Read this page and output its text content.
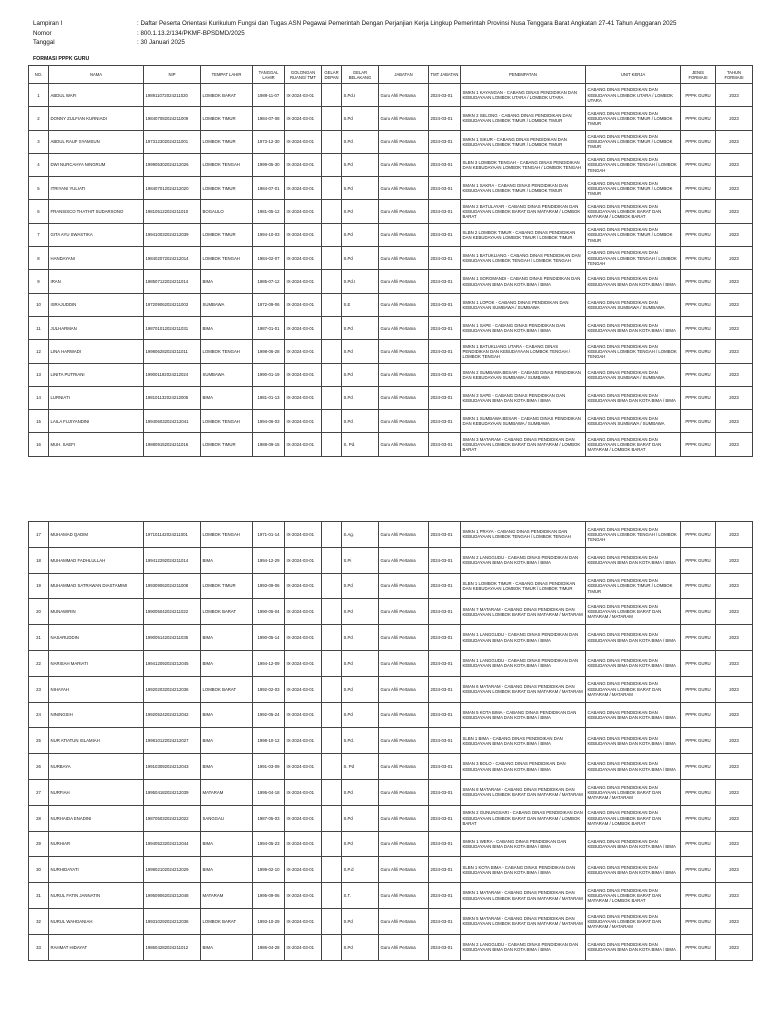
Lampiran I	: Daftar Peserta Orientasi Kurikulum Fungsi dan Tugas ASN Pegawai Pemerintah Dengan Perjanjian Kerja Lingkup Pemerintah Provinsi Nusa Tenggara Barat Angkatan 27-41 Tahun Anggaran 2025
Nomor	: 800.1.13.2/134/PKMF-BPSDMD/2025
Tanggal	: 30 Januari 2025
FORMASI PPPK GURU
NO.	NAMA	NIP	TEMPAT LAHIR	TANGGAL LAHIR	GOLONGAN RUANG/ TMT	GELAR DEPAN	GELAR BELAKANG	JABATAN	TMT JABATAN	PENEMPATAN	UNIT KERJA	JENIS FORMASI	TAHUN FORMASI
1	ABDUL WAFI	198911072024211020	LOMBOK BARAT	1989-11-07	IX-2024-03-01		S.Pd.I	Guru Ahli Pertama	2024-03-01	SMKN 1 KAYANGAN - CABANG DINAS PENDIDIKAN DAN KEBUDAYAAN LOMBOK UTARA / LOMBOK UTARA	CABANG DINAS PENDIDIKAN DAN KEBUDAYAAN LOMBOK UTARA / LOMBOK UTARA	PPPK GURU	2023
2	DONNY ZULFIAN KURNIADI	198407082024211009	LOMBOK TIMUR	1984-07-08	IX-2024-03-01		S.Pd	Guru Ahli Pertama	2024-03-01	SMKN 2 SELONG - CABANG DINAS PENDIDIKAN DAN KEBUDAYAAN LOMBOK TIMUR / LOMBOK TIMUR	CABANG DINAS PENDIDIKAN DAN KEBUDAYAAN LOMBOK TIMUR / LOMBOK TIMUR	PPPK GURU	2023
3	ABDUL RAUF SYAMSUN	197312302024211001	LOMBOK TIMUR	1973-12-30	IX-2024-03-01		S.Pd	Guru Ahli Pertama	2024-03-01	SMKN 1 SIKUR - CABANG DINAS PENDIDIKAN DAN KEBUDAYAAN LOMBOK TIMUR / LOMBOK TIMUR	CABANG DINAS PENDIDIKAN DAN KEBUDAYAAN LOMBOK TIMUR / LOMBOK TIMUR	PPPK GURU	2023
4	DWI NURCAHYA NINGRUM	199905302024212026	LOMBOK TENGAH	1999-05-30	IX-2024-03-01		S.Pd	Guru Ahli Pertama	2024-03-01	SLBN 3 LOMBOK TENGAH - CABANG DINAS PENDIDIKAN DAN KEBUDAYAAN LOMBOK TENGAH / LOMBOK TENGAH	CABANG DINAS PENDIDIKAN DAN KEBUDAYAAN LOMBOK TENGAH / LOMBOK TENGAH	PPPK GURU	2023
5	ITRIYANI YULIATI	198407012024212020	LOMBOK TIMUR	1984-07-01	IX-2024-03-01		S.Pd	Guru Ahli Pertama	2024-03-01	SMAN 1 SAKRA - CABANG DINAS PENDIDIKAN DAN KEBUDAYAAN LOMBOK TIMUR / LOMBOK TIMUR	CABANG DINAS PENDIDIKAN DAN KEBUDAYAAN LOMBOK TIMUR / LOMBOK TIMUR	PPPK GURU	2023
6	FRANSISCO THATHIT SUDARSONO	198105122024211010	BOGAULO	1981-05-12	IX-2024-03-01		S.Pd	Guru Ahli Pertama	2024-03-01	SMAN 2 BATULAYAR - CABANG DINAS PENDIDIKAN DAN KEBUDAYAAN LOMBOK BARAT DAN MATARAM / LOMBOK BARAT	CABANG DINAS PENDIDIKAN DAN KEBUDAYAAN LOMBOK BARAT DAN MATARAM / LOMBOK BARAT	PPPK GURU	2023
7	GITA AYU SWASTIKA	199410032024212039	LOMBOK TIMUR	1994-10-03	IX-2024-03-01		S.Pd	Guru Ahli Pertama	2024-03-01	SLBN 2 LOMBOK TIMUR - CABANG DINAS PENDIDIKAN DAN KEBUDAYAAN LOMBOK TIMUR / LOMBOK TIMUR	CABANG DINAS PENDIDIKAN DAN KEBUDAYAAN LOMBOK TIMUR / LOMBOK TIMUR	PPPK GURU	2023
8	HANDAYANI	198402072024212014	LOMBOK TENGAH	1984-02-07	IX-2024-03-01		S.Pd	Guru Ahli Pertama	2024-03-01	SMAN 1 BATUKLIANG - CABANG DINAS PENDIDIKAN DAN KEBUDAYAAN LOMBOK TENGAH / LOMBOK TENGAH	CABANG DINAS PENDIDIKAN DAN KEBUDAYAAN LOMBOK TENGAH / LOMBOK TENGAH	PPPK GURU	2023
9	IRAN	198507122024211014	BIMA	1985-07-12	IX-2024-03-01		S.Pd.I	Guru Ahli Pertama	2024-03-01	SMAN 1 SOROMANDI - CABANG DINAS PENDIDIKAN DAN KEBUDAYAAN BIMA DAN KOTA BIMA / BIMA	CABANG DINAS PENDIDIKAN DAN KEBUDAYAAN BIMA DAN KOTA BIMA / BIMA	PPPK GURU	2023
10	ISRAJUDDIN	197209062024211003	SUMBAWA	1972-09-06	IX-2024-03-01		S.E	Guru Ahli Pertama	2024-03-01	SMKN 1 LOPOK - CABANG DINAS PENDIDIKAN DAN KEBUDAYAAN SUMBAWA / SUMBAWA	CABANG DINAS PENDIDIKAN DAN KEBUDAYAAN SUMBAWA / SUMBAWA	PPPK GURU	2023
11	JULHARMAN	198701012024211031	BIMA	1987-01-01	IX-2024-03-01		S.Pd	Guru Ahli Pertama	2024-03-01	SMAN 1 SAPE - CABANG DINAS PENDIDIKAN DAN KEBUDAYAAN BIMA DAN KOTA BIMA / BIMA	CABANG DINAS PENDIDIKAN DAN KEBUDAYAAN BIMA DAN KOTA BIMA / BIMA	PPPK GURU	2023
12	LINA HARWADI	199806282024211011	LOMBOK TENGAH	1998-06-28	IX-2024-03-01		S.Pd	Guru Ahli Pertama	2024-03-01	SMKN 1 BATUKLIANG UTARA - CABANG DINAS PENDIDIKAN DAN KEBUDAYAAN LOMBOK TENGAH / LOMBOK TENGAH	CABANG DINAS PENDIDIKAN DAN KEBUDAYAAN LOMBOK TENGAH / LOMBOK TENGAH	PPPK GURU	2023
13	LINITA PUTRIANI	199001192024212024	SUMBAWA	1990-01-19	IX-2024-03-01		S.Pd	Guru Ahli Pertama	2024-03-01	SMAN 2 SUMBAWA BESAR - CABANG DINAS PENDIDIKAN DAN KEBUDAYAAN SUMBAWA / SUMBAWA	CABANG DINAS PENDIDIKAN DAN KEBUDAYAAN SUMBAWA / SUMBAWA	PPPK GURU	2023
14	LURNIATI	198101132024212005	BIMA	1981-01-13	IX-2024-03-01		S.Pd	Guru Ahli Pertama	2024-03-01	SMAN 3 SAPE - CABANG DINAS PENDIDIKAN DAN KEBUDAYAAN BIMA DAN KOTA BIMA / BIMA	CABANG DINAS PENDIDIKAN DAN KEBUDAYAAN BIMA DAN KOTA BIMA / BIMA	PPPK GURU	2023
15	LAILA FUJIYANDINI	199406032024212041	LOMBOK TENGAH	1994-06-03	IX-2024-03-01		S.Pd	Guru Ahli Pertama	2024-03-01	SMKN 1 SUMBAWA BESAR - CABANG DINAS PENDIDIKAN DAN KEBUDAYAAN SUMBAWA / SUMBAWA	CABANG DINAS PENDIDIKAN DAN KEBUDAYAAN SUMBAWA / SUMBAWA	PPPK GURU	2023
16	MUH. SAEFI	198809152024211016	LOMBOK TIMUR	1988-09-15	IX-2024-03-01		S. Pd.	Guru Ahli Pertama	2024-03-01	SMAN 3 MATARAM - CABANG DINAS PENDIDIKAN DAN KEBUDAYAAN LOMBOK BARAT DAN MATARAM / LOMBOK BARAT	CABANG DINAS PENDIDIKAN DAN KEBUDAYAAN LOMBOK BARAT DAN MATARAM / LOMBOK BARAT	PPPK GURU	2023
17	MUHAMAD QADIM	197101142024211001	LOMBOK TENGAH	1971-01-14	IX-2024-03-01		S.Ag.	Guru Ahli Pertama	2024-03-01	SMKN 1 PRAYA - CABANG DINAS PENDIDIKAN DAN KEBUDAYAAN LOMBOK TENGAH / LOMBOK TENGAH	CABANG DINAS PENDIDIKAN DAN KEBUDAYAAN LOMBOK TENGAH / LOMBOK TENGAH	PPPK GURU	2023
18	MUHAMMAD FADHLULLAH	199412292024211014	BIMA	1994-12-29	IX-2024-03-01		S.Pi	Guru Ahli Pertama	2024-03-01	SMAN 2 LANGGUDU - CABANG DINAS PENDIDIKAN DAN KEBUDAYAAN BIMA DAN KOTA BIMA / BIMA	CABANG DINAS PENDIDIKAN DAN KEBUDAYAAN BIMA DAN KOTA BIMA / BIMA	PPPK GURU	2023
19	MUHAMMAD SATRAWAN DIASTAMIMI	199309062024211008	LOMBOK TIMUR	1993-09-06	IX-2024-03-01		S.Pd	Guru Ahli Pertama	2024-03-01	SLBN 1 LOMBOK TIMUR - CABANG DINAS PENDIDIKAN DAN KEBUDAYAAN LOMBOK TIMUR / LOMBOK TIMUR	CABANG DINAS PENDIDIKAN DAN KEBUDAYAAN LOMBOK TIMUR / LOMBOK TIMUR	PPPK GURU	2023
20	MUNAWIRIN	199005042024211022	LOMBOK BARAT	1990-05-04	IX-2024-03-01		S.Pd	Guru Ahli Pertama	2024-03-01	SMAN 7 MATARAM - CABANG DINAS PENDIDIKAN DAN KEBUDAYAAN LOMBOK BARAT DAN MATARAM / MATARAM	CABANG DINAS PENDIDIKAN DAN KEBUDAYAAN LOMBOK BARAT DAN MATARAM / MATARAM	PPPK GURU	2023
21	NASARUDDIN	199005142024211035	BIMA	1990-05-14	IX-2024-03-01		S.Pd	Guru Ahli Pertama	2024-03-01	SMAN 1 LANGGUDU - CABANG DINAS PENDIDIKAN DAN KEBUDAYAAN BIMA DAN KOTA BIMA / BIMA	CABANG DINAS PENDIDIKAN DAN KEBUDAYAAN BIMA DAN KOTA BIMA / BIMA	PPPK GURU	2023
22	NARISAH MARIATI	199412092024212045	BIMA	1994-12-09	IX-2024-03-01		S.Pd	Guru Ahli Pertama	2024-03-01	SMAN 1 LANGGUDU - CABANG DINAS PENDIDIKAN DAN KEBUDAYAAN BIMA DAN KOTA BIMA / BIMA	CABANG DINAS PENDIDIKAN DAN KEBUDAYAAN BIMA DAN KOTA BIMA / BIMA	PPPK GURU	2023
23	NIHAYAH	199202032024212036	LOMBOK BARAT	1992-02-03	IX-2024-03-01		S.Pd	Guru Ahli Pertama	2024-03-01	SMAN 6 MATARAM - CABANG DINAS PENDIDIKAN DAN KEBUDAYAAN LOMBOK BARAT DAN MATARAM / MATARAM	CABANG DINAS PENDIDIKAN DAN KEBUDAYAAN LOMBOK BARAT DAN MATARAM / MATARAM	PPPK GURU	2023
24	NININGSIH	199205242024212042	BIMA	1992-05-24	IX-2024-03-01		S.Pd	Guru Ahli Pertama	2024-03-01	SMAN 5 KOTA BIMA - CABANG DINAS PENDIDIKAN DAN KEBUDAYAAN BIMA DAN KOTA BIMA / BIMA	CABANG DINAS PENDIDIKAN DAN KEBUDAYAAN BIMA DAN KOTA BIMA / BIMA	PPPK GURU	2023
25	NUR ATIATUN ISLAMIAH	199810122024212027	BIMA	1998-10-12	IX-2024-03-01		S.Pd.	Guru Ahli Pertama	2024-03-01	SLBN 1 BIMA - CABANG DINAS PENDIDIKAN DAN KEBUDAYAAN BIMA DAN KOTA BIMA / BIMA	CABANG DINAS PENDIDIKAN DAN KEBUDAYAAN BIMA DAN KOTA BIMA / BIMA	PPPK GURU	2023
26	NURBAYA	199103092024212043	BIMA	1991-03-09	IX-2024-03-01		S. Pd	Guru Ahli Pertama	2024-03-01	SMAN 3 BOLO - CABANG DINAS PENDIDIKAN DAN KEBUDAYAAN BIMA DAN KOTA BIMA / BIMA	CABANG DINAS PENDIDIKAN DAN KEBUDAYAAN BIMA DAN KOTA BIMA / BIMA	PPPK GURU	2023
27	NURFIAH	199504182024212039	MATARAM	1995-04-18	IX-2024-03-01		S.Pd	Guru Ahli Pertama	2024-03-01	SMAN 8 MATARAM - CABANG DINAS PENDIDIKAN DAN KEBUDAYAAN LOMBOK BARAT DAN MATARAM / MATARAM	CABANG DINAS PENDIDIKAN DAN KEBUDAYAAN LOMBOK BARAT DAN MATARAM / MATARAM	PPPK GURU	2023
28	NURHAIDA ENADINI	198705032024212022	SANGGAU	1987-05-03	IX-2024-03-01		S.Pd	Guru Ahli Pertama	2024-03-01	SMKN 2 GUNUNGSARI - CABANG DINAS PENDIDIKAN DAN KEBUDAYAAN LOMBOK BARAT DAN MATARAM / LOMBOK BARAT	CABANG DINAS PENDIDIKAN DAN KEBUDAYAAN LOMBOK BARAT DAN MATARAM / LOMBOK BARAT	PPPK GURU	2023
29	NURHIAR	199405232024212044	BIMA	1994-05-23	IX-2024-03-01		S.Pd	Guru Ahli Pertama	2024-03-01	SMKN 1 WERA - CABANG DINAS PENDIDIKAN DAN KEBUDAYAAN BIMA DAN KOTA BIMA / BIMA	CABANG DINAS PENDIDIKAN DAN KEBUDAYAAN BIMA DAN KOTA BIMA / BIMA	PPPK GURU	2023
30	NURHIDAYATI	199902102024212029	BIMA	1999-02-10	IX-2024-03-01		S.P.d	Guru Ahli Pertama	2024-03-01	SLBN 1 KOTA BIMA - CABANG DINAS PENDIDIKAN DAN KEBUDAYAAN BIMA DAN KOTA BIMA / BIMA	CABANG DINAS PENDIDIKAN DAN KEBUDAYAAN BIMA DAN KOTA BIMA / BIMA	PPPK GURU	2023
31	NURUL FATIN JANNATIN	199509062024212048	MATARAM	1995-09-06	IX-2024-03-01		S.T.	Guru Ahli Pertama	2024-03-01	SMKN 1 MATARAM - CABANG DINAS PENDIDIKAN DAN KEBUDAYAAN LOMBOK BARAT DAN MATARAM / MATARAM	CABANG DINAS PENDIDIKAN DAN KEBUDAYAAN LOMBOK BARAT DAN MATARAM / LOMBOK BARAT	PPPK GURU	2023
32	NURUL WAHDANIAH	199310292024212036	LOMBOK BARAT	1993-10-29	IX-2024-03-01		S.Pd	Guru Ahli Pertama	2024-03-01	SMKN 5 MATARAM - CABANG DINAS PENDIDIKAN DAN KEBUDAYAAN LOMBOK BARAT DAN MATARAM / MATARAM	CABANG DINAS PENDIDIKAN DAN KEBUDAYAAN LOMBOK BARAT DAN MATARAM / MATARAM	PPPK GURU	2023
33	RAHMAT HIDAYAT	198604282024211012	BIMA	1986-04-28	IX-2024-03-01		S.Pd	Guru Ahli Pertama	2024-03-01	SMAN 2 LANGGUDU - CABANG DINAS PENDIDIKAN DAN KEBUDAYAAN BIMA DAN KOTA BIMA / BIMA	CABANG DINAS PENDIDIKAN DAN KEBUDAYAAN BIMA DAN KOTA BIMA / BIMA	PPPK GURU	2023
